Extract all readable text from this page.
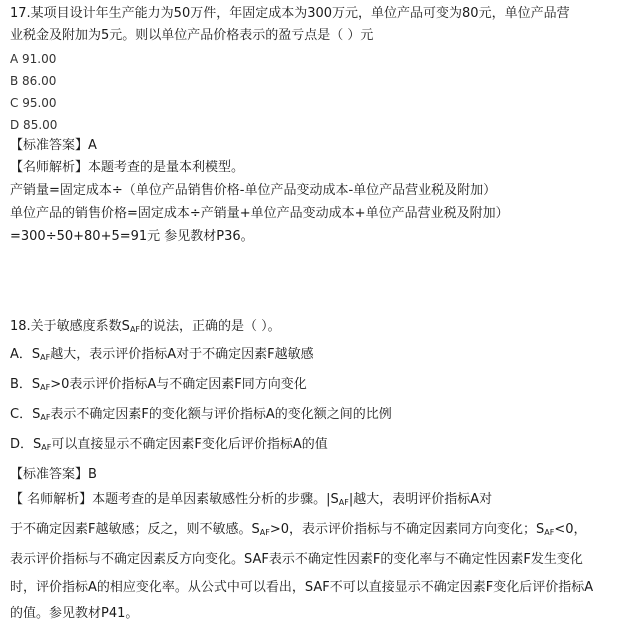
17.某项目设计年生产能力为50万件，年固定成本为300万元，单位产品可变为80元，单位产品营
业税金及附加为5元。则以单位产品价格表示的盈亏点是（ ）元
A 91.00
B 86.00
C 95.00
D 85.00
【标准答案】A
【名师解析】本题考查的是量本利模型。
产销量=固定成本÷（单位产品销售价格-单位产品变动成本-单位产品营业税及附加）
单位产品的销售价格=固定成本÷产销量+单位产品变动成本+单位产品营业税及附加）
=300÷50+80+5=91元 参见教材P36。
18.关于敏感度系数$S_{AF}$的说法，正确的是（ ）。
A．$S_{AF}$越大，表示评价指标A对于不确定因素F越敏感
B．$S_{AF}>0$表示评价指标A与不确定因素F同方向变化
C．$S_{AF}$表示不确定因素F的变化额与评价指标A的变化额之间的比例
D．$S_{AF}$可以直接显示不确定因素F变化后评价指标A的值
【标准答案】B
【 名师解析】本题考查的是单因素敏感性分析的步骤。$|S_{AF}|$越大，表明评价指标A对
于不确定因素F越敏感；反之，则不敏感。$S_{AF}>0$，表示评价指标与不确定因素同方向变化；$S_{AF}<0$，
表示评价指标与不确定因素反方向变化。SAF表示不确定性因素F的变化率与不确定性因素F发生变化
时，评价指标A的相应变化率。从公式中可以看出，SAF不可以直接显示不确定因素F变化后评价指标A
的值。参见教材P41。
